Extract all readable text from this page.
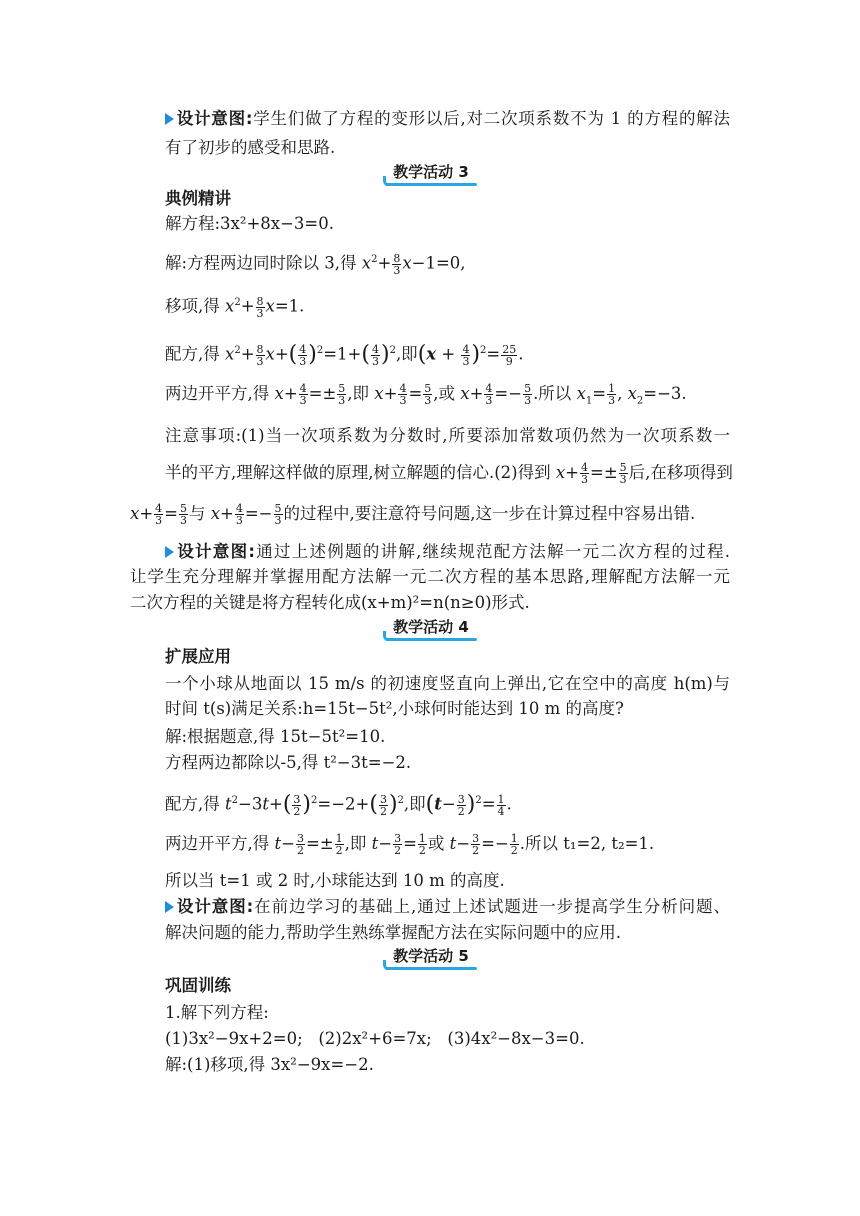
设计意图:学生们做了方程的变形以后,对二次项系数不为 1 的方程的解法
有了初步的感受和思路.
教学活动 3
典例精讲
解方程:3x²+8x−3=0.
解:方程两边同时除以 3,得 $x^2+ \frac{8}{3} x-1=0$,
移项,得 $x^2+ \frac{8}{3} x=1$.
配方,得 $x^2+ \frac{8}{3} x+( \frac{4}{3} )^2=1+( \frac{4}{3} )^2$,即$(x + \frac{4}{3} )^2= \frac{25}{9}$ .
两边开平方,得 $x+ \frac{4}{3} =\pm \frac{5}{3}$ ,即 $x+ \frac{4}{3} = \frac{5}{3}$ ,或 $x+ \frac{4}{3} =- \frac{5}{3}$ .所以 $x_1= \frac{1}{3}$ , $x_2=-3$.
注意事项:(1)当一次项系数为分数时,所要添加常数项仍然为一次项系数一
半的平方,理解这样做的原理,树立解题的信心.(2)得到 $x+ \frac{4}{3} =\pm \frac{5}{3}$ 后,在移项得到
$x+ \frac{4}{3} = \frac{5}{3}$ 与 $x+ \frac{4}{3} =- \frac{5}{3}$ 的过程中,要注意符号问题,这一步在计算过程中容易出错.
设计意图:通过上述例题的讲解,继续规范配方法解一元二次方程的过程.
让学生充分理解并掌握用配方法解一元二次方程的基本思路,理解配方法解一元
二次方程的关键是将方程转化成(x+m)²=n(n≥0)形式.
教学活动 4
扩展应用
一个小球从地面以 15 m/s 的初速度竖直向上弹出,它在空中的高度 h(m)与
时间 t(s)满足关系:h=15t−5t²,小球何时能达到 10 m 的高度?
解:根据题意,得 15t−5t²=10.
方程两边都除以-5,得 t²−3t=−2.
配方,得 $t^2-3t+( \frac{3}{2} )^2=-2+( \frac{3}{2} )^2$,即$(t- \frac{3}{2} )^2= \frac{1}{4}$ .
两边开平方,得 $t- \frac{3}{2} =\pm \frac{1}{2}$ ,即 $t- \frac{3}{2} = \frac{1}{2}$ 或 $t- \frac{3}{2} =- \frac{1}{2}$ .所以 t₁=2, t₂=1.
所以当 t=1 或 2 时,小球能达到 10 m 的高度.
设计意图:在前边学习的基础上,通过上述试题进一步提高学生分析问题、
解决问题的能力,帮助学生熟练掌握配方法在实际问题中的应用.
教学活动 5
巩固训练
1.解下列方程:
(1)3x²−9x+2=0;   (2)2x²+6=7x;   (3)4x²−8x−3=0.
解:(1)移项,得 3x²−9x=−2.
